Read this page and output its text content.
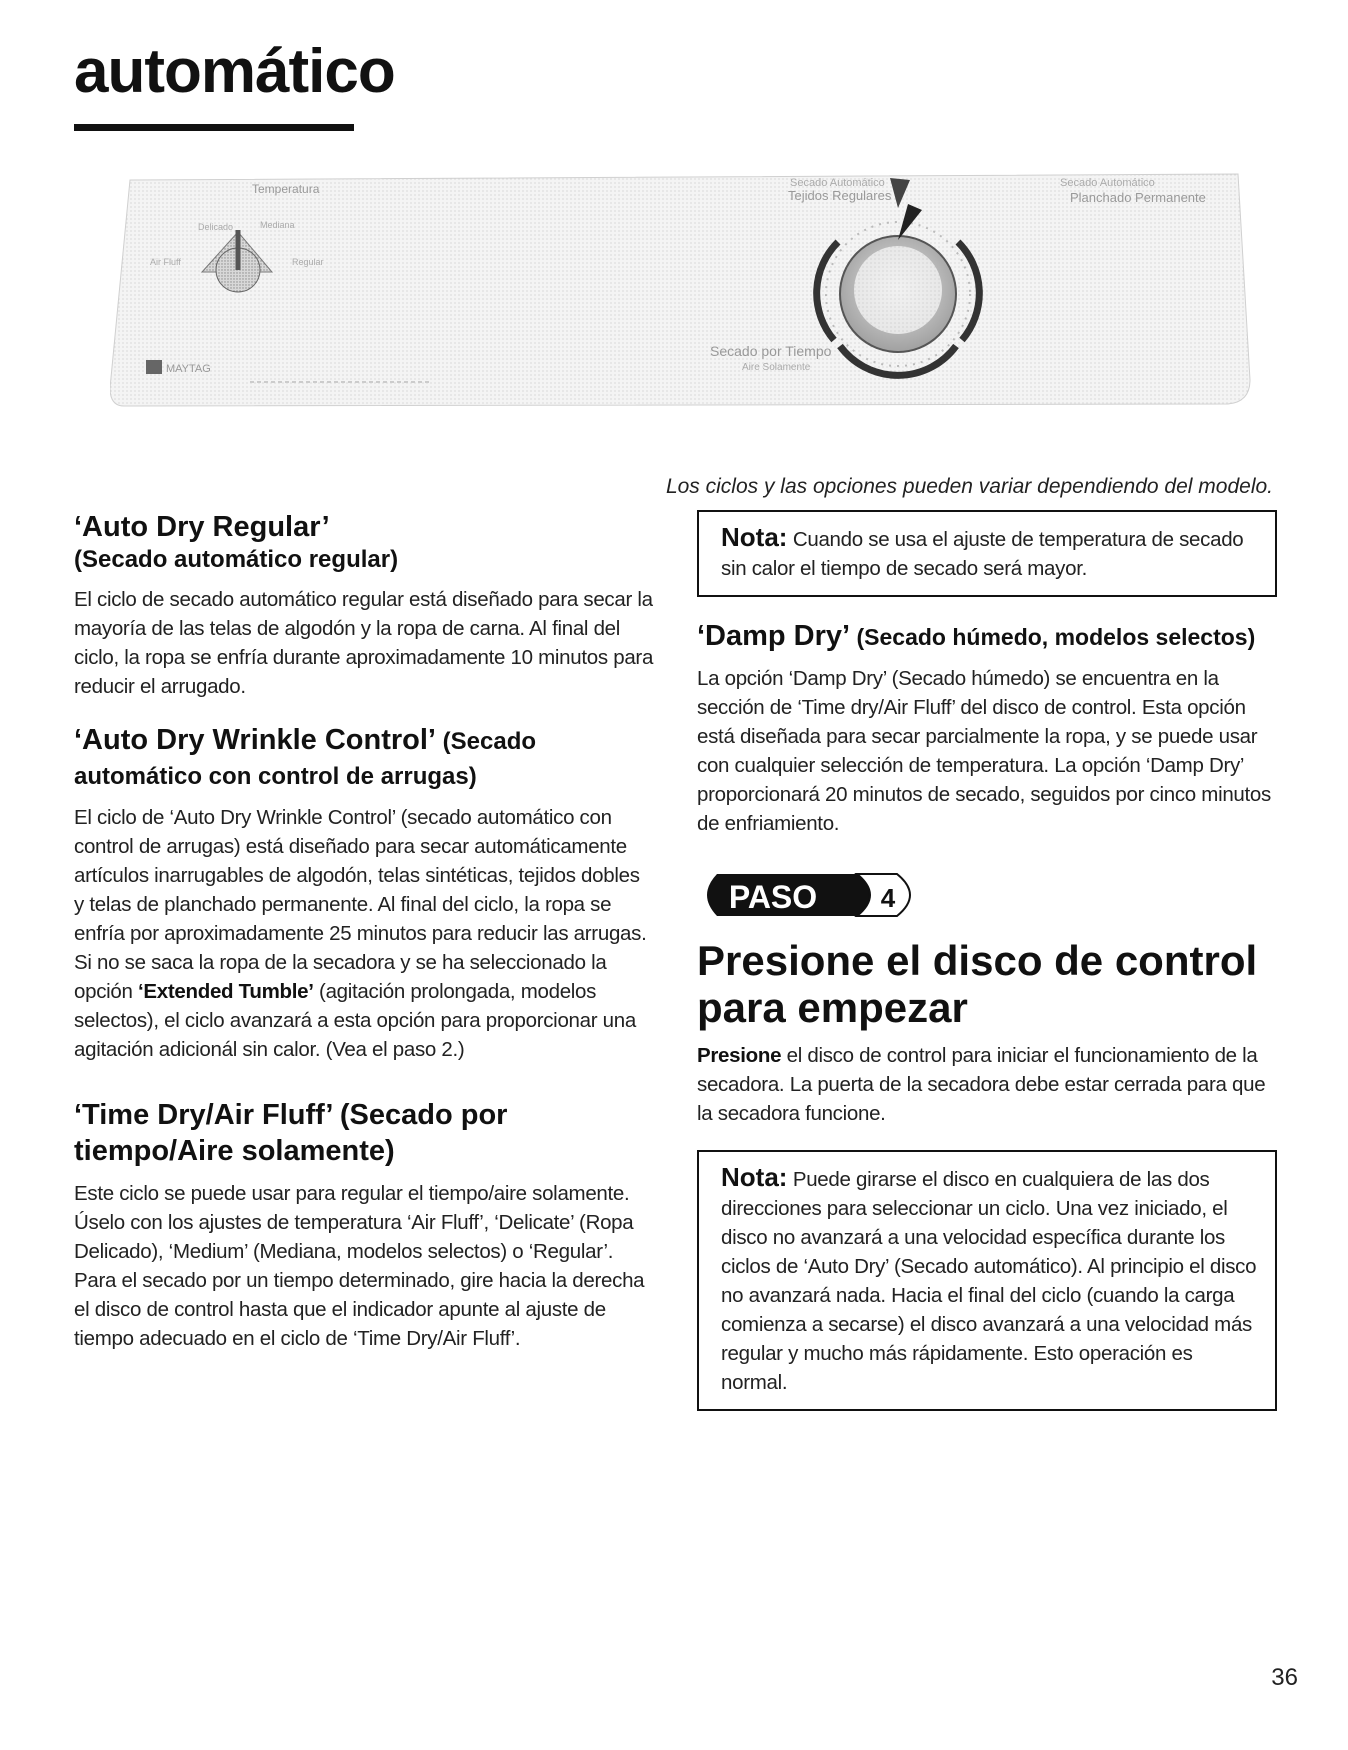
automático
Temperatura
Delicado	Mediana
Air Fluff	Regular
MAYTAG
Secado Automático
Tejidos Regulares
Secado Automático
Planchado Permanente
Secado por Tiempo
Aire Solamente
Los ciclos y las opciones pueden variar dependiendo del modelo.
‘Auto Dry Regular’
(Secado automático regular)

El ciclo de secado automático regular está diseñado para secar la mayoría de las telas de algodón y la ropa de carna. Al final del ciclo, la ropa se enfría durante aproximadamente 10 minutos para reducir el arrugado.

‘Auto Dry Wrinkle Control’ (Secado automático con control de arrugas)

El ciclo de ‘Auto Dry Wrinkle Control’ (secado automático con control de arrugas) está diseñado para secar automáticamente artículos inarrugables de algodón, telas sintéticas, tejidos dobles y telas de planchado permanente. Al final del ciclo, la ropa se enfría por aproximadamente 25 minutos para reducir las arrugas. Si no se saca la ropa de la secadora y se ha seleccionado la opción ‘Extended Tumble’ (agitación prolongada, modelos selectos), el ciclo avanzará a esta opción para proporcionar una agitación adicionál sin calor. (Vea el paso 2.)

‘Time Dry/Air Fluff’ (Secado por tiempo/Aire solamente)

Este ciclo se puede usar para regular el tiempo/aire solamente. Úselo con los ajustes de temperatura ‘Air Fluff’, ‘Delicate’ (Ropa Delicado), ‘Medium’ (Mediana, modelos selectos) o ‘Regular’. Para el secado por un tiempo determinado, gire hacia la derecha el disco de control hasta que el indicador apunte al ajuste de tiempo adecuado en el ciclo de ‘Time Dry/Air Fluff’.

Nota: Cuando se usa el ajuste de temperatura de secado sin calor el tiempo de secado será mayor.
‘Damp Dry’ (Secado húmedo, modelos selectos)

La opción ‘Damp Dry’ (Secado húmedo) se encuentra en la sección de ‘Time dry/Air Fluff’ del disco de control. Esta opción está diseñada para secar parcialmente la ropa, y se puede usar con cualquier selección de temperatura. La opción ‘Damp Dry’ proporcionará 20 minutos de secado, seguidos por cinco minutos de enfriamiento.

PASO 4
Presione el disco de control para empezar

Presione el disco de control para iniciar el funcionamiento de la secadora. La puerta de la secadora debe estar cerrada para que la secadora funcione.

Nota: Puede girarse el disco en cualquiera de las dos direcciones para seleccionar un ciclo. Una vez iniciado, el disco no avanzará a una velocidad específica durante los ciclos de ‘Auto Dry’ (Secado automático). Al principio el disco no avanzará nada. Hacia el final del ciclo (cuando la carga comienza a secarse) el disco avanzará a una velocidad más regular y mucho más rápidamente. Esto operación es normal.
36
